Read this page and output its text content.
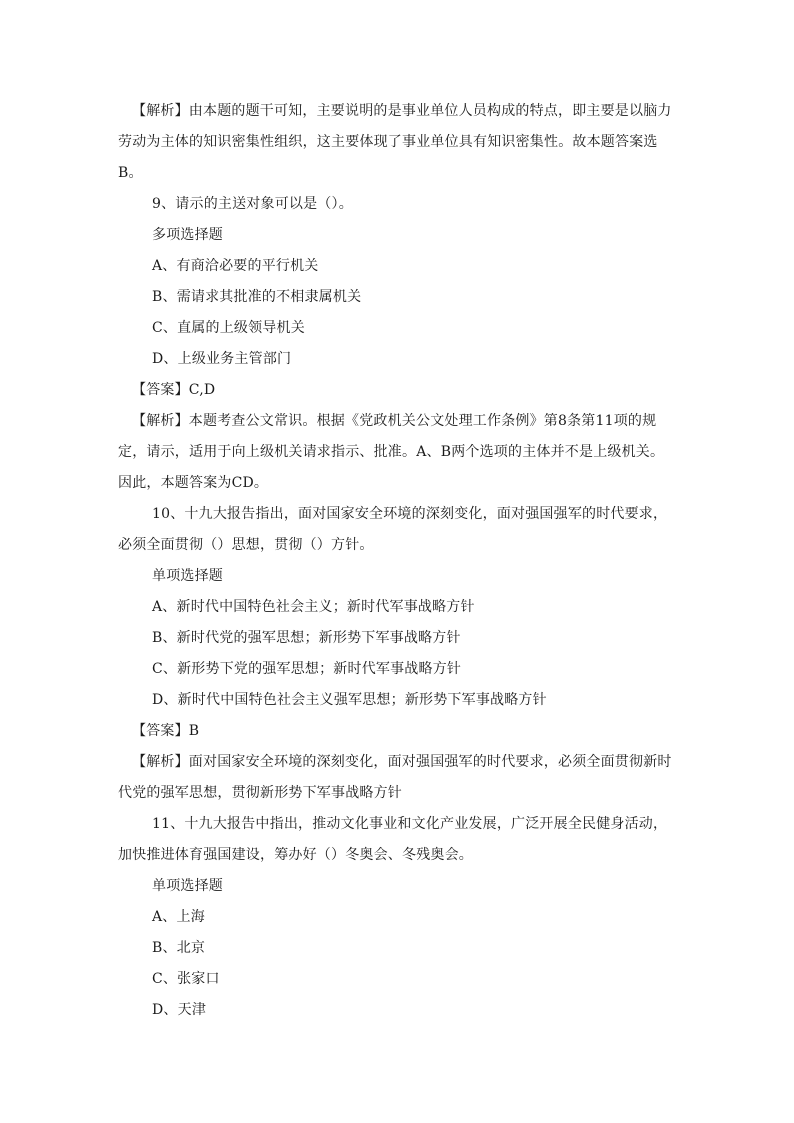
【解析】由本题的题干可知，主要说明的是事业单位人员构成的特点，即主要是以脑力劳动为主体的知识密集性组织，这主要体现了事业单位具有知识密集性。故本题答案选B。

9、请示的主送对象可以是（）。

多项选择题

A、有商洽必要的平行机关

B、需请求其批准的不相隶属机关

C、直属的上级领导机关

D、上级业务主管部门

【答案】C,D

【解析】本题考查公文常识。根据《党政机关公文处理工作条例》第8条第11项的规定，请示，适用于向上级机关请求指示、批准。A、B两个选项的主体并不是上级机关。因此，本题答案为CD。

10、十九大报告指出，面对国家安全环境的深刻变化，面对强国强军的时代要求，必须全面贯彻（）思想，贯彻（）方针。

单项选择题

A、新时代中国特色社会主义；新时代军事战略方针

B、新时代党的强军思想；新形势下军事战略方针

C、新形势下党的强军思想；新时代军事战略方针

D、新时代中国特色社会主义强军思想；新形势下军事战略方针

【答案】B

【解析】面对国家安全环境的深刻变化，面对强国强军的时代要求，必须全面贯彻新时代党的强军思想，贯彻新形势下军事战略方针

11、十九大报告中指出，推动文化事业和文化产业发展，广泛开展全民健身活动，加快推进体育强国建设，筹办好（）冬奥会、冬残奥会。

单项选择题

A、上海

B、北京

C、张家口

D、天津
